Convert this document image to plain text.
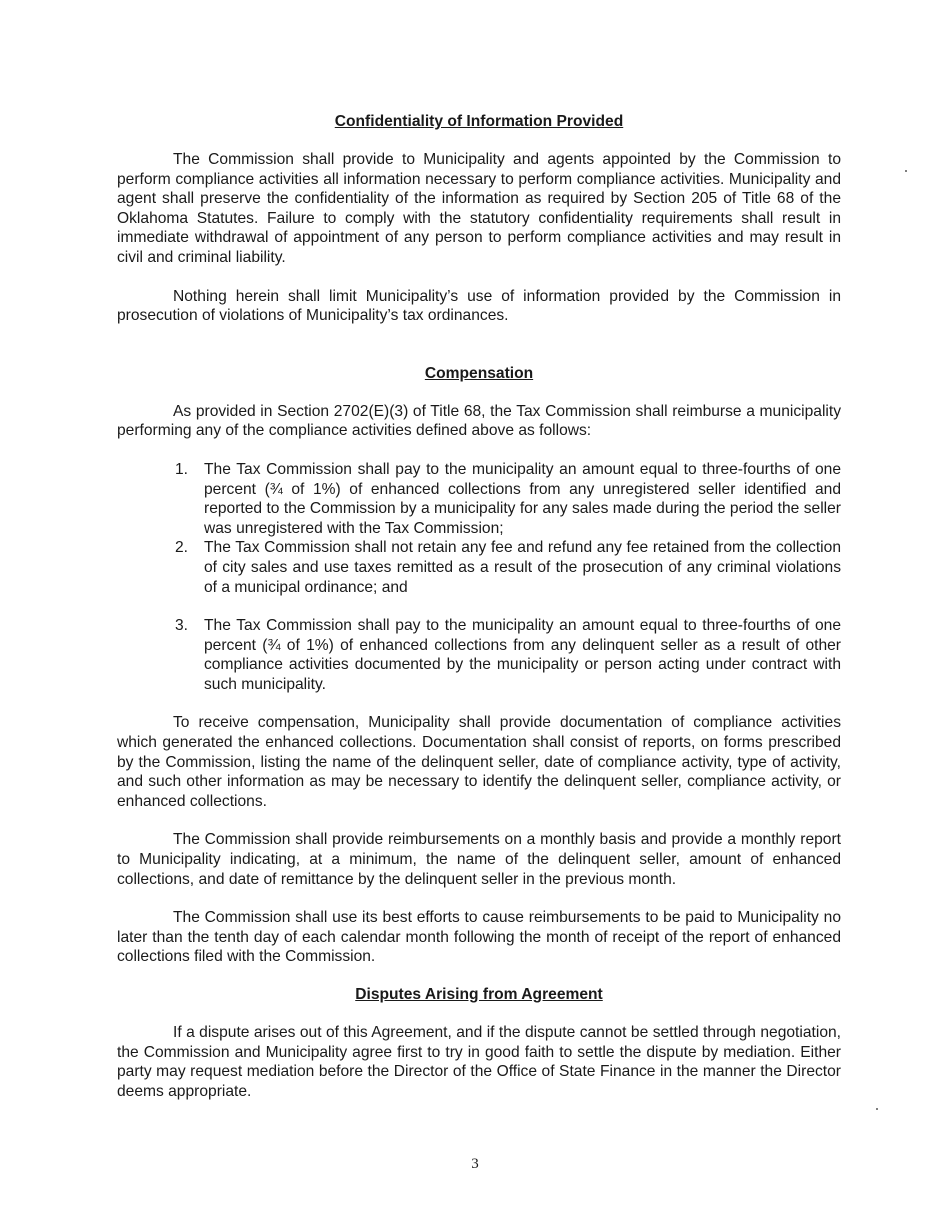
Confidentiality of Information Provided

The Commission shall provide to Municipality and agents appointed by the Commission to perform compliance activities all information necessary to perform compliance activities. Municipality and agent shall preserve the confidentiality of the information as required by Section 205 of Title 68 of the Oklahoma Statutes. Failure to comply with the statutory confidentiality requirements shall result in immediate withdrawal of appointment of any person to perform compliance activities and may result in civil and criminal liability.

Nothing herein shall limit Municipality’s use of information provided by the Commission in prosecution of violations of Municipality’s tax ordinances.

Compensation

As provided in Section 2702(E)(3) of Title 68, the Tax Commission shall reimburse a municipality performing any of the compliance activities defined above as follows:

1. The Tax Commission shall pay to the municipality an amount equal to three-fourths of one percent (¾ of 1%) of enhanced collections from any unregistered seller identified and reported to the Commission by a municipality for any sales made during the period the seller was unregistered with the Tax Commission;
2. The Tax Commission shall not retain any fee and refund any fee retained from the collection of city sales and use taxes remitted as a result of the prosecution of any criminal violations of a municipal ordinance; and
3. The Tax Commission shall pay to the municipality an amount equal to three-fourths of one percent (¾ of 1%) of enhanced collections from any delinquent seller as a result of other compliance activities documented by the municipality or person acting under contract with such municipality.

To receive compensation, Municipality shall provide documentation of compliance activities which generated the enhanced collections. Documentation shall consist of reports, on forms prescribed by the Commission, listing the name of the delinquent seller, date of compliance activity, type of activity, and such other information as may be necessary to identify the delinquent seller, compliance activity, or enhanced collections.

The Commission shall provide reimbursements on a monthly basis and provide a monthly report to Municipality indicating, at a minimum, the name of the delinquent seller, amount of enhanced collections, and date of remittance by the delinquent seller in the previous month.

The Commission shall use its best efforts to cause reimbursements to be paid to Municipality no later than the tenth day of each calendar month following the month of receipt of the report of enhanced collections filed with the Commission.

Disputes Arising from Agreement

If a dispute arises out of this Agreement, and if the dispute cannot be settled through negotiation, the Commission and Municipality agree first to try in good faith to settle the dispute by mediation. Either party may request mediation before the Director of the Office of State Finance in the manner the Director deems appropriate.

3
